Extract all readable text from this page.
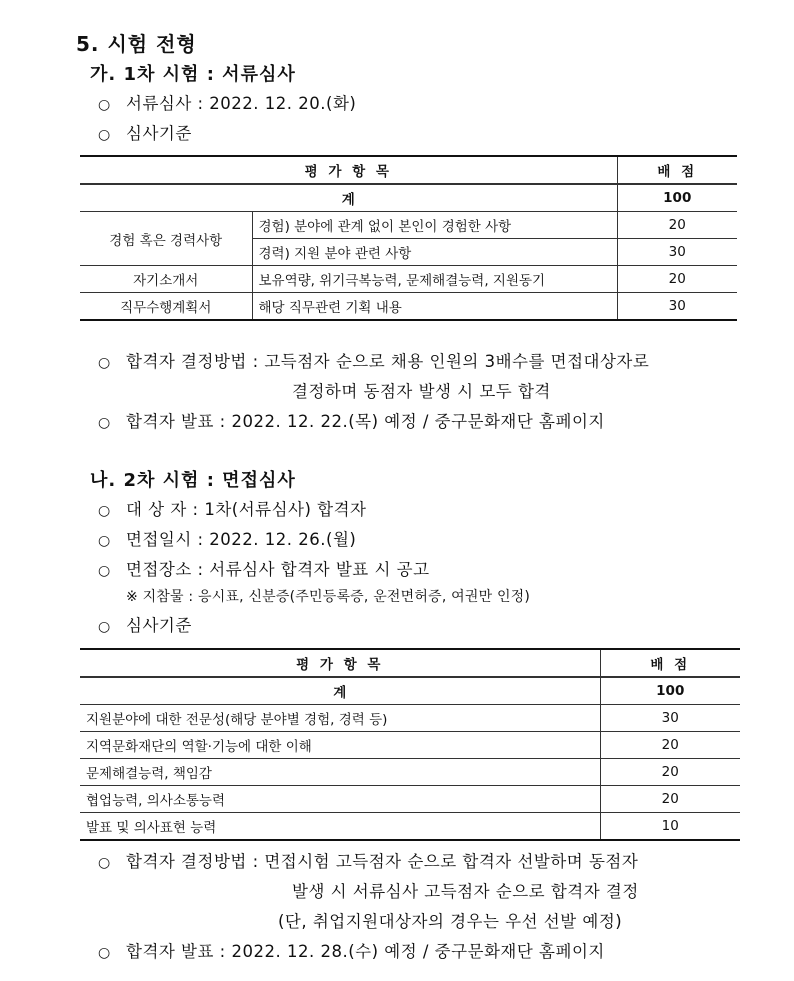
5. 시험 전형
가. 1차 시험 : 서류심사
○ 서류심사 : 2022. 12. 20.(화)
○ 심사기준
평 가 항 목		배 점
계		100
경험 혹은 경력사항	경험) 분야에 관계 없이 본인이 경험한 사항	20
	경력) 지원 분야 관련 사항	30
자기소개서	보유역량, 위기극복능력, 문제해결능력, 지원동기	20
직무수행계획서	해당 직무관련 기획 내용	30
○ 합격자 결정방법 : 고득점자 순으로 채용 인원의 3배수를 면접대상자로
결정하며 동점자 발생 시 모두 합격
○ 합격자 발표 : 2022. 12. 22.(목) 예정 / 중구문화재단 홈페이지
나. 2차 시험 : 면접심사
○ 대 상 자 : 1차(서류심사) 합격자
○ 면접일시 : 2022. 12. 26.(월)
○ 면접장소 : 서류심사 합격자 발표 시 공고
※ 지참물 : 응시표, 신분증(주민등록증, 운전면허증, 여권만 인정)
○ 심사기준
평 가 항 목	배 점
계	100
지원분야에 대한 전문성(해당 분야별 경험, 경력 등)	30
지역문화재단의 역할·기능에 대한 이해	20
문제해결능력, 책임감	20
협업능력, 의사소통능력	20
발표 및 의사표현 능력	10
○ 합격자 결정방법 : 면접시험 고득점자 순으로 합격자 선발하며 동점자
발생 시 서류심사 고득점자 순으로 합격자 결정
(단, 취업지원대상자의 경우는 우선 선발 예정)
○ 합격자 발표 : 2022. 12. 28.(수) 예정 / 중구문화재단 홈페이지
